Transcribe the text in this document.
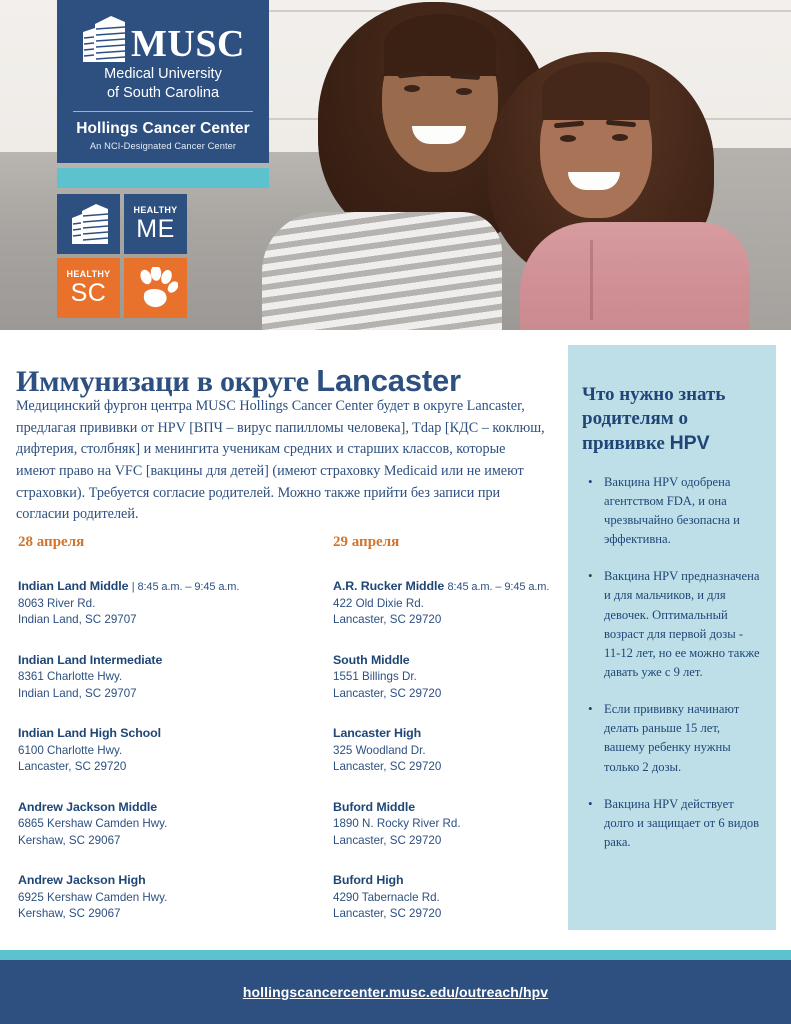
MUSC
Medical University
of South Carolina
Hollings Cancer Center
An NCI-Designated Cancer Center
HEALTHY
ME
HEALTHY
SC
Иммунизаци в округе Lancaster

Медицинский фургон центра MUSC Hollings Cancer Center будет в округе Lancaster, предлагая прививки от HPV [ВПЧ – вирус папилломы человека], Tdap [КДС – коклюш, дифтерия, столбняк] и менингита ученикам средних и старших классов, которые имеют право на VFC [вакцины для детей] (имеют страховку Medicaid или не имеют страховки). Требуется согласие родителей. Можно также прийти без записи при согласии родителей.

28 апреля
Indian Land Middle | 8:45 a.m. – 9:45 a.m.
8063 River Rd.
Indian Land, SC 29707
Indian Land Intermediate
8361 Charlotte Hwy.
Indian Land, SC 29707
Indian Land High School
6100 Charlotte Hwy.
Lancaster, SC 29720
Andrew Jackson Middle
6865 Kershaw Camden Hwy.
Kershaw, SC 29067
Andrew Jackson High
6925 Kershaw Camden Hwy.
Kershaw, SC 29067
29 апреля
A.R. Rucker Middle 8:45 a.m. – 9:45 a.m.
422 Old Dixie Rd.
Lancaster, SC 29720
South Middle
1551 Billings Dr.
Lancaster, SC 29720
Lancaster High
325 Woodland Dr.
Lancaster, SC 29720
Buford Middle
1890 N. Rocky River Rd.
Lancaster, SC 29720
Buford High
4290 Tabernacle Rd.
Lancaster, SC 29720
Что нужно знать родителям о прививке HPV
• Вакцина HPV одобрена агентством FDA, и она чрезвычайно безопасна и эффективна.
• Вакцина HPV предназначена и для мальчиков, и для девочек. Оптимальный возраст для первой дозы - 11-12 лет, но ее можно также давать уже с 9 лет.
• Если прививку начинают делать раньше 15 лет, вашему ребенку нужны только 2 дозы.
• Вакцина HPV действует долго и защищает от 6 видов рака.
hollingscancercenter.musc.edu/outreach/hpv
